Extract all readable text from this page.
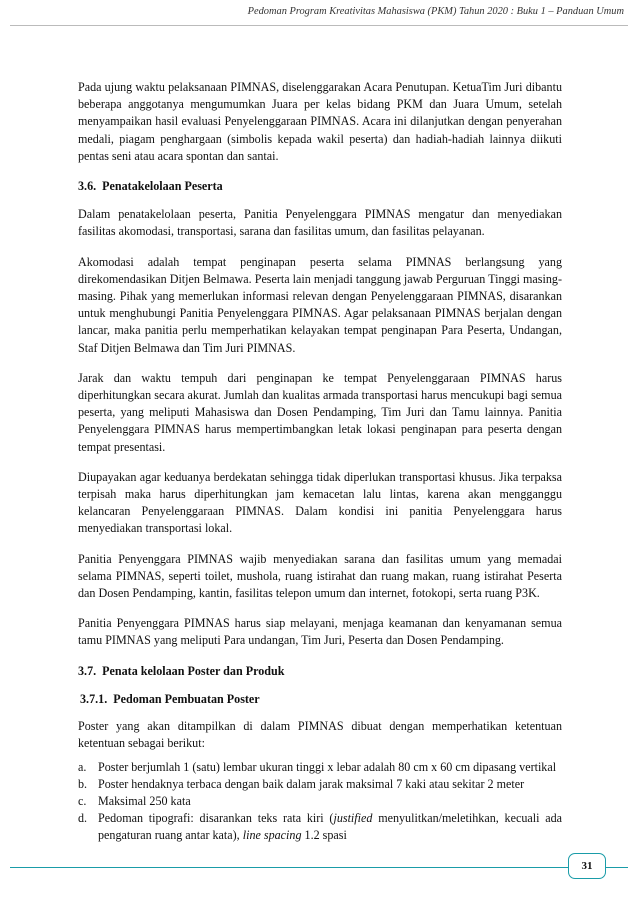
Pedoman Program Kreativitas Mahasiswa (PKM) Tahun 2020 : Buku 1 – Panduan Umum

Pada ujung waktu pelaksanaan PIMNAS, diselenggarakan Acara Penutupan. KetuaTim Juri dibantu beberapa anggotanya mengumumkan Juara per kelas bidang PKM dan Juara Umum, setelah menyampaikan hasil evaluasi Penyelenggaraan PIMNAS. Acara ini dilanjutkan dengan penyerahan medali, piagam penghargaan (simbolis kepada wakil peserta) dan hadiah-hadiah lainnya diikuti pentas seni atau acara spontan dan santai.

3.6. Penatakelolaan Peserta

Dalam penatakelolaan peserta, Panitia Penyelenggara PIMNAS mengatur dan menyediakan fasilitas akomodasi, transportasi, sarana dan fasilitas umum, dan fasilitas pelayanan.

Akomodasi adalah tempat penginapan peserta selama PIMNAS berlangsung yang direkomendasikan Ditjen Belmawa. Peserta lain menjadi tanggung jawab Perguruan Tinggi masing-masing. Pihak yang memerlukan informasi relevan dengan Penyelenggaraan PIMNAS, disarankan untuk menghubungi Panitia Penyelenggara PIMNAS. Agar pelaksanaan PIMNAS berjalan dengan lancar, maka panitia perlu memperhatikan kelayakan tempat penginapan Para Peserta, Undangan, Staf Ditjen Belmawa dan Tim Juri PIMNAS.

Jarak dan waktu tempuh dari penginapan ke tempat Penyelenggaraan PIMNAS harus diperhitungkan secara akurat. Jumlah dan kualitas armada transportasi harus mencukupi bagi semua peserta, yang meliputi Mahasiswa dan Dosen Pendamping, Tim Juri dan Tamu lainnya. Panitia Penyelenggara PIMNAS harus mempertimbangkan letak lokasi penginapan para peserta dengan tempat presentasi.

Diupayakan agar keduanya berdekatan sehingga tidak diperlukan transportasi khusus. Jika terpaksa terpisah maka harus diperhitungkan jam kemacetan lalu lintas, karena akan mengganggu kelancaran Penyelenggaraan PIMNAS. Dalam kondisi ini panitia Penyelenggara harus menyediakan transportasi lokal.

Panitia Penyenggara PIMNAS wajib menyediakan sarana dan fasilitas umum yang memadai selama PIMNAS, seperti toilet, mushola, ruang istirahat dan ruang makan, ruang istirahat Peserta dan Dosen Pendamping, kantin, fasilitas telepon umum dan internet, fotokopi, serta ruang P3K.

Panitia Penyenggara PIMNAS harus siap melayani, menjaga keamanan dan kenyamanan semua tamu PIMNAS yang meliputi Para undangan, Tim Juri, Peserta dan Dosen Pendamping.

3.7. Penata kelolaan Poster dan Produk
3.7.1. Pedoman Pembuatan Poster

Poster yang akan ditampilkan di dalam PIMNAS dibuat dengan memperhatikan ketentuan ketentuan sebagai berikut:

a. Poster berjumlah 1 (satu) lembar ukuran tinggi x lebar adalah 80 cm x 60 cm dipasang vertikal
b. Poster hendaknya terbaca dengan baik dalam jarak maksimal 7 kaki atau sekitar 2 meter
c. Maksimal 250 kata
d. Pedoman tipografi: disarankan teks rata kiri (justified menyulitkan/meletihkan, kecuali ada pengaturan ruang antar kata), line spacing 1.2 spasi
31
